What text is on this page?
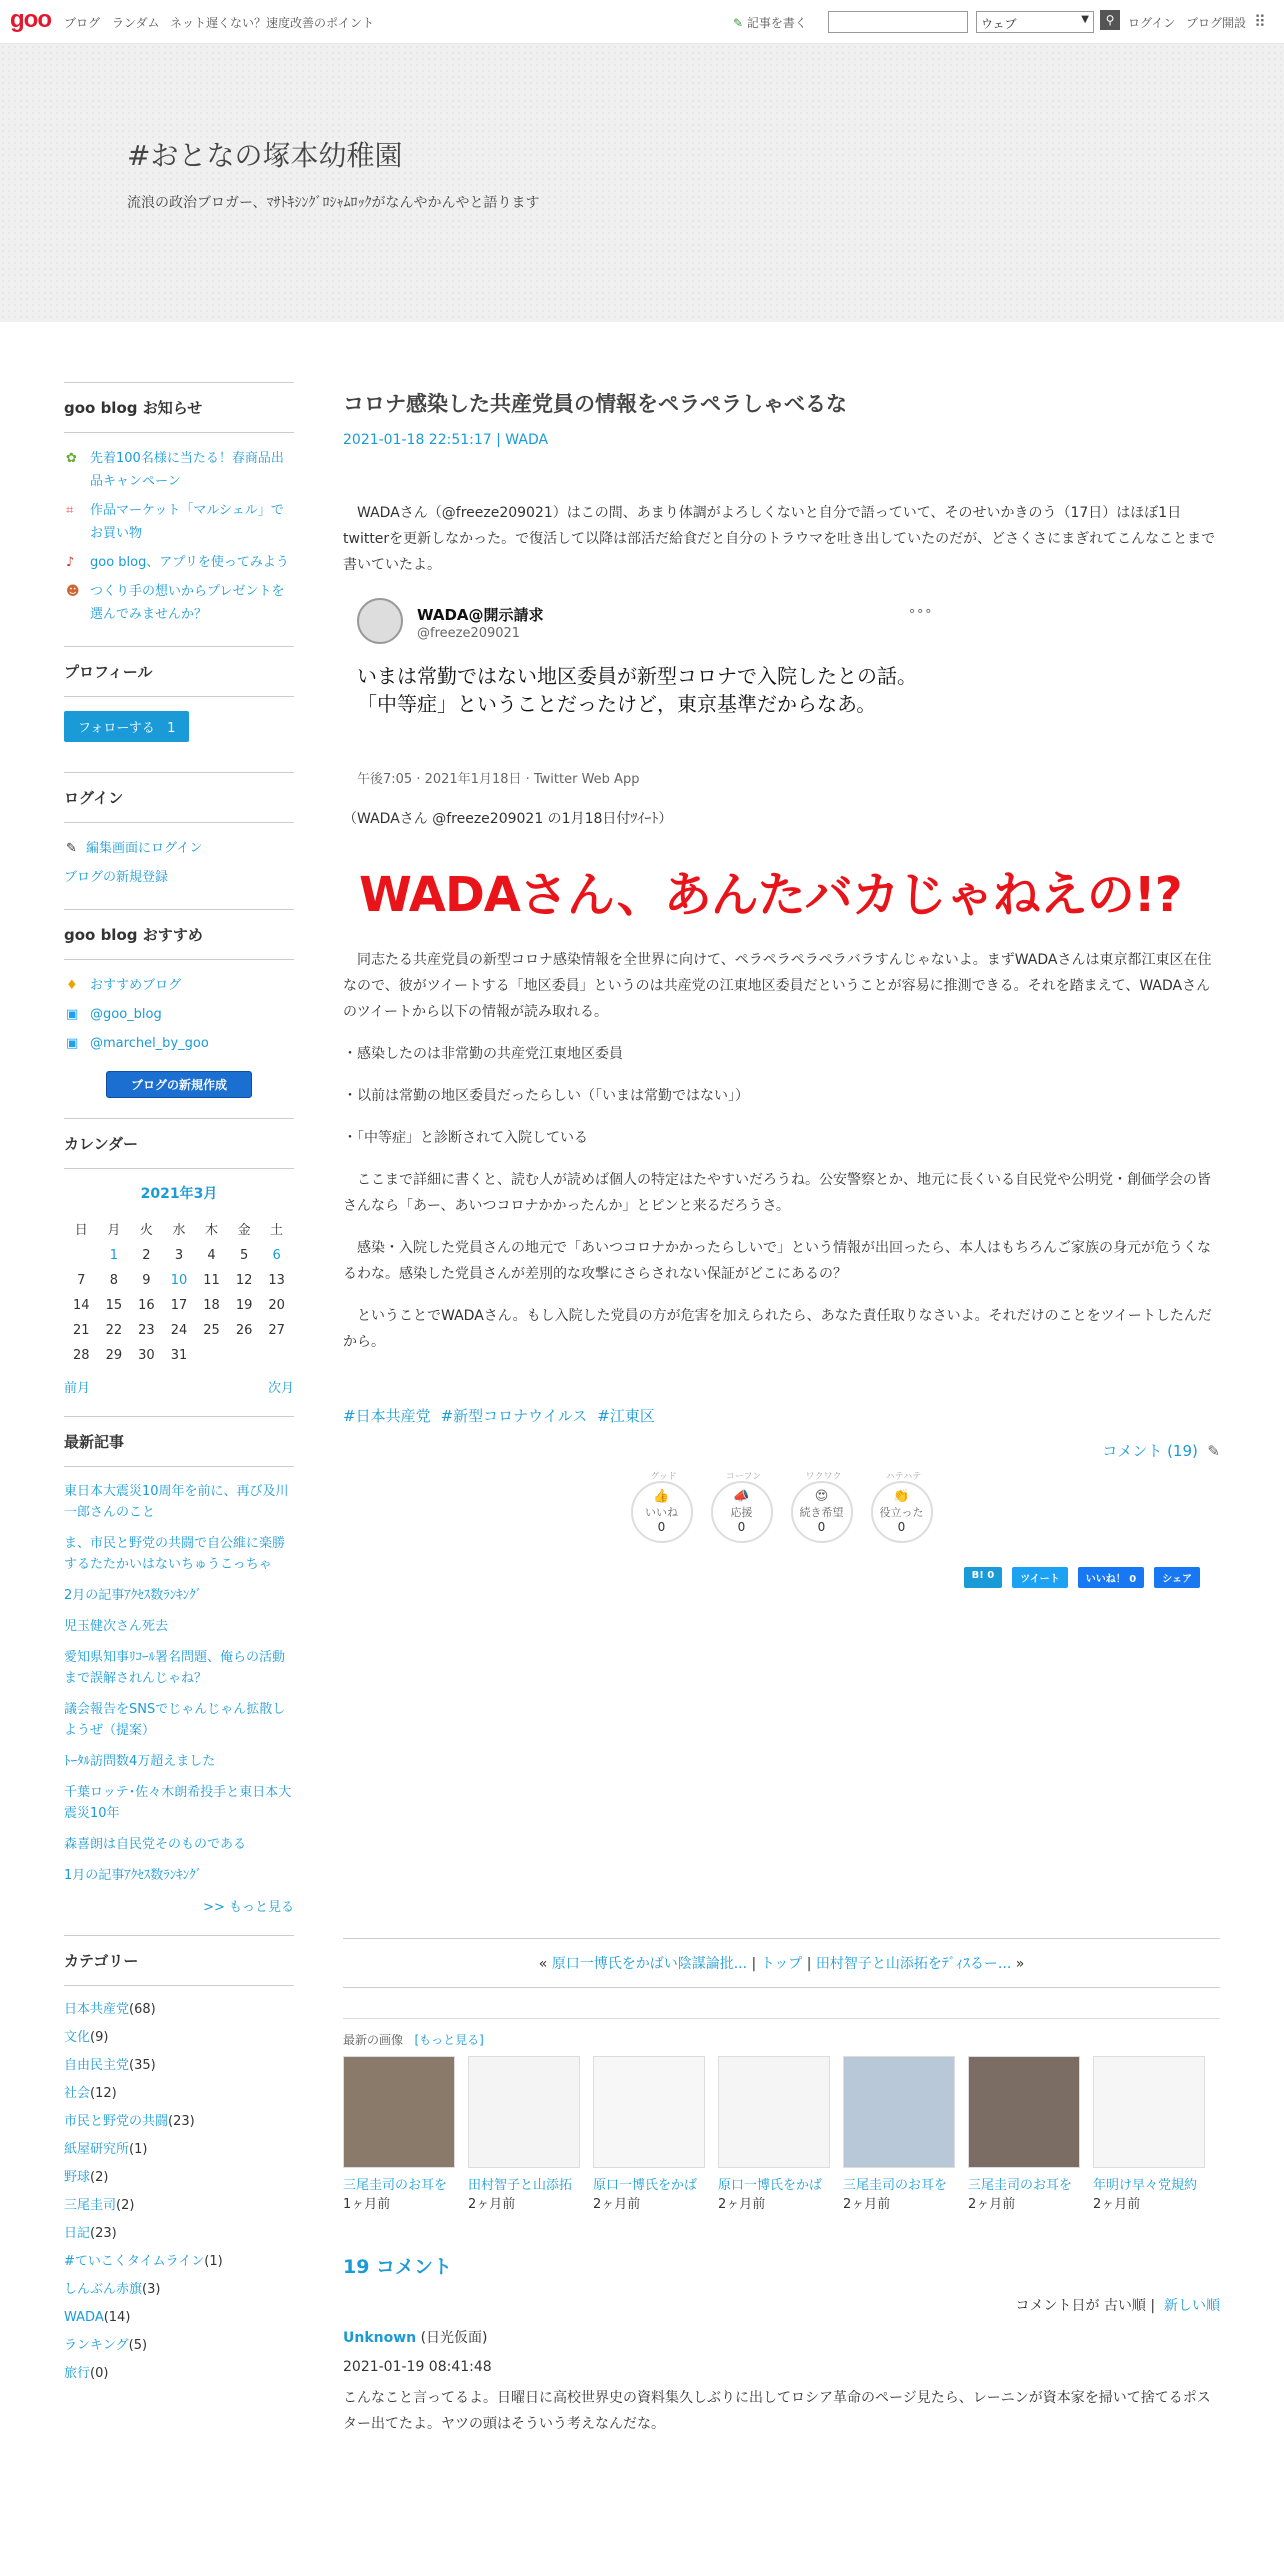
goo ブログ ランダム ネット遅くない？速度改善のポイント	✎ 記事を書く	ウェブ	▼	⚲	ログイン ブログ開設 ⠿
#おとなの塚本幼稚園
流浪の政治ブロガー、ﾏｻﾄｷｼﾝｸﾞﾛｼｬﾑﾛｯｸがなんやかんやと語ります
goo blog お知らせ
✿ 先着100名様に当たる！春商品出品キャンペーン
⌗ 作品マーケット「マルシェル」でお買い物
♪ goo blog、アプリを使ってみよう
☻ つくり手の想いからプレゼントを選んでみませんか？
プロフィール
フォローする 1
ログイン
✎ 編集画面にログイン
ブログの新規登録
goo blog おすすめ
♦ おすすめブログ
▣ @goo_blog
▣ @marchel_by_goo
ブログの新規作成
カレンダー
2021年3月
日	月	火	水	木	金	土
	1	2	3	4	5	6
7	8	9	10	11	12	13
14	15	16	17	18	19	20
21	22	23	24	25	26	27
28	29	30	31			
前月	次月
最新記事
東日本大震災10周年を前に、再び及川一郎さんのこと
ま、市民と野党の共闘で自公維に楽勝するたたかいはないちゅうこっちゃ
2月の記事ｱｸｾｽ数ﾗﾝｷﾝｸﾞ
児玉健次さん死去
愛知県知事ﾘｺｰﾙ署名問題、俺らの活動まで誤解されんじゃね？
議会報告をSNSでじゃんじゃん拡散しようぜ（提案）
ﾄｰﾀﾙ訪問数4万超えました
千葉ロッテ･佐々木朗希投手と東日本大震災10年
森喜朗は自民党そのものである
1月の記事ｱｸｾｽ数ﾗﾝｷﾝｸﾞ
>> もっと見る
カテゴリー
日本共産党(68)
文化(9)
自由民主党(35)
社会(12)
市民と野党の共闘(23)
紙屋研究所(1)
野球(2)
三尾圭司(2)
日記(23)
#ていこくタイムライン(1)
しんぶん赤旗(3)
WADA(14)
ランキング(5)
旅行(0)
コロナ感染した共産党員の情報をペラペラしゃべるな
2021-01-18 22:51:17 | WADA
　WADAさん（@freeze209021）はこの間、あまり体調がよろしくないと自分で語っていて、そのせいかきのう（17日）はほぼ1日twitterを更新しなかった。で復活して以降は部活だ給食だと自分のトラウマを吐き出していたのだが、どさくさにまぎれてこんなことまで書いていたよ。
WADA@開示請求
@freeze209021
∘∘∘
いまは常勤ではない地区委員が新型コロナで入院したとの話。「中等症」ということだったけど，東京基準だからなあ。
午後7:05 · 2021年1月18日 · Twitter Web App
（WADAさん @freeze209021 の1月18日付ﾂｲｰﾄ）
WADAさん、あんたバカじゃねえの!?
　同志たる共産党員の新型コロナ感染情報を全世界に向けて、ペラペラペラペラバラすんじゃないよ。まずWADAさんは東京都江東区在住なので、彼がツイートする「地区委員」というのは共産党の江東地区委員だということが容易に推測できる。それを踏まえて、WADAさんのツイートから以下の情報が読み取れる。
・感染したのは非常勤の共産党江東地区委員
・以前は常勤の地区委員だったらしい（「いまは常勤ではない」）
・「中等症」と診断されて入院している
　ここまで詳細に書くと、読む人が読めば個人の特定はたやすいだろうね。公安警察とか、地元に長くいる自民党や公明党・創価学会の皆さんなら「あー、あいつコロナかかったんか」とピンと来るだろうさ。
　感染・入院した党員さんの地元で「あいつコロナかかったらしいで」という情報が出回ったら、本人はもちろんご家族の身元が危うくなるわな。感染した党員さんが差別的な攻撃にさらされない保証がどこにあるの？
　ということでWADAさん。もし入院した党員の方が危害を加えられたら、あなた責任取りなさいよ。それだけのことをツイートしたんだから。
#日本共産党 #新型コロナウイルス #江東区
コメント (19) ✎
グッド
👍
いいね
0
コーフン
📣
応援
0
ワクワク
😍
続き希望
0
ハテハテ
👏
役立った
0
B! 0	ツイート	いいね！ 0	シェア
« 原口一博氏をかばい陰謀論批... | トップ | 田村智子と山添拓をﾃﾞｨｽるー... »
最新の画像 [もっと見る]
三尾圭司のお耳を
1ヶ月前
田村智子と山添拓
2ヶ月前
原口一博氏をかば
2ヶ月前
原口一博氏をかば
2ヶ月前
三尾圭司のお耳を
2ヶ月前
三尾圭司のお耳を
2ヶ月前
年明け早々党規約
2ヶ月前
19 コメント
コメント日が 古い順 | 新しい順
Unknown (日光仮面)
2021-01-19 08:41:48
こんなこと言ってるよ。日曜日に高校世界史の資料集久しぶりに出してロシア革命のページ見たら、レーニンが資本家を掃いて捨てるポスター出てたよ。ヤツの頭はそういう考えなんだな。
